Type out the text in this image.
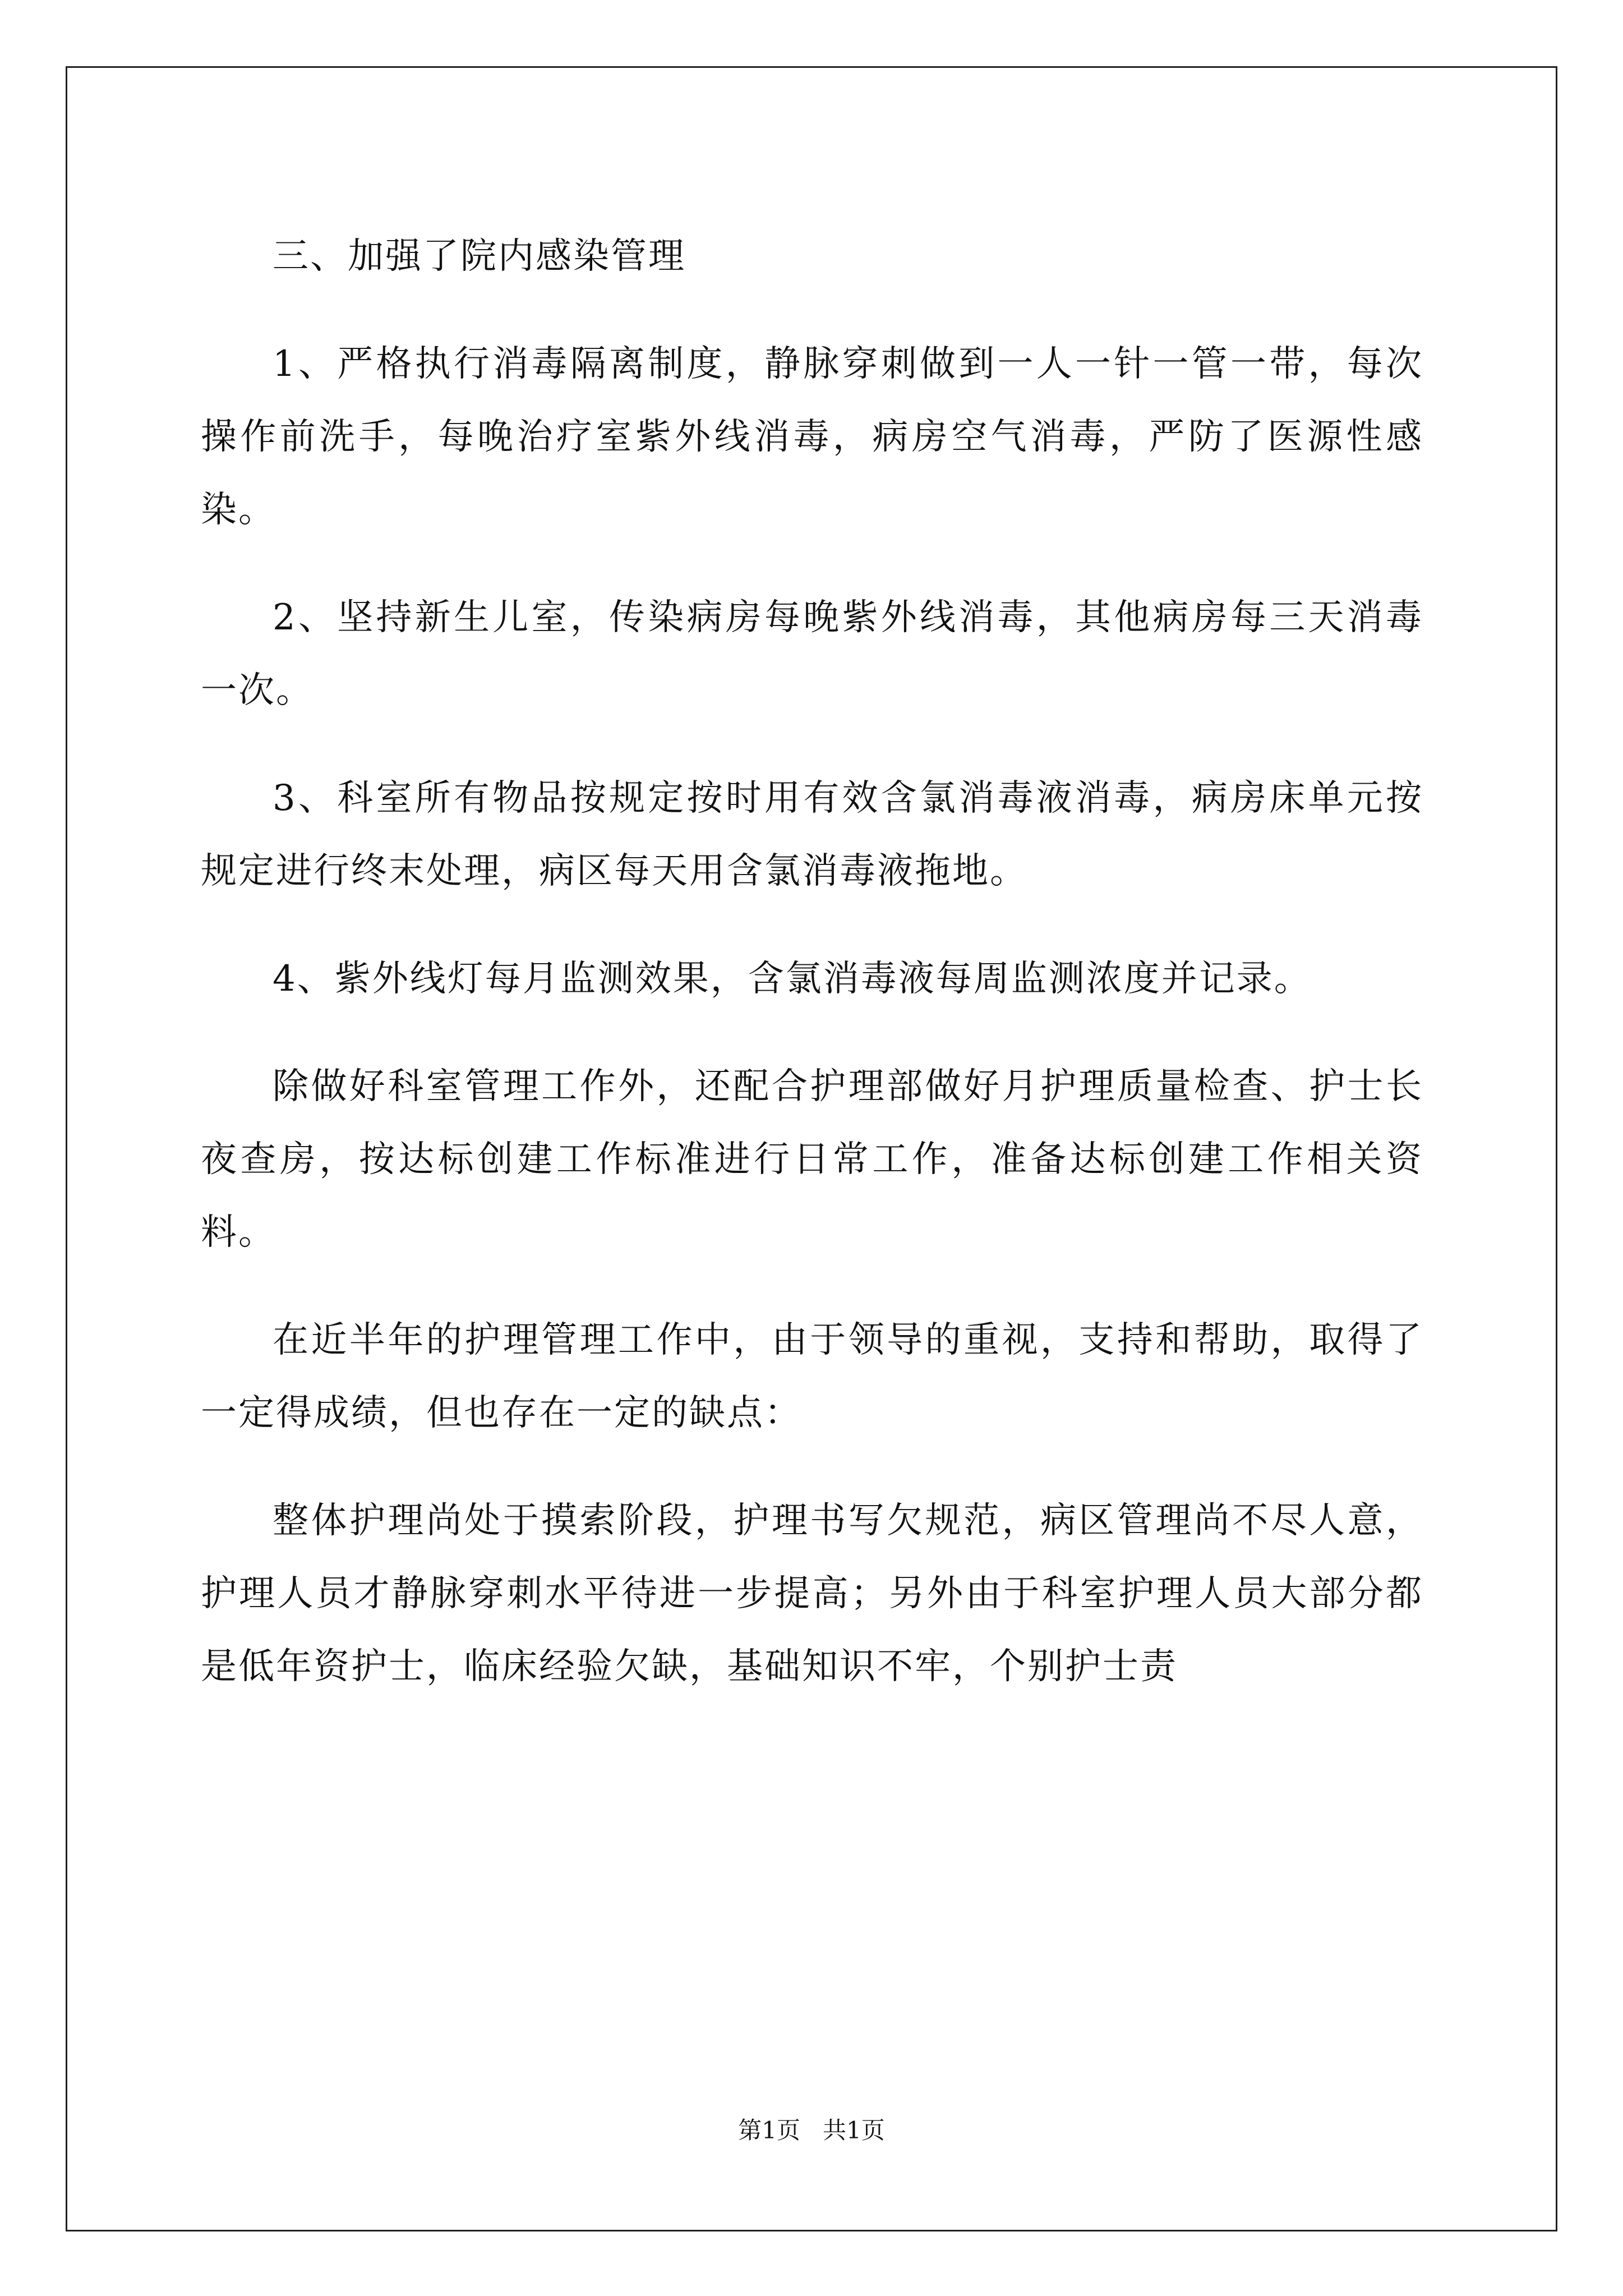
三、加强了院内感染管理

1、严格执行消毒隔离制度，静脉穿刺做到一人一针一管一带，每次操作前洗手，每晚治疗室紫外线消毒，病房空气消毒，严防了医源性感染。

2、坚持新生儿室，传染病房每晚紫外线消毒，其他病房每三天消毒一次。

3、科室所有物品按规定按时用有效含氯消毒液消毒，病房床单元按规定进行终末处理，病区每天用含氯消毒液拖地。

4、紫外线灯每月监测效果，含氯消毒液每周监测浓度并记录。

除做好科室管理工作外，还配合护理部做好月护理质量检查、护士长夜查房，按达标创建工作标准进行日常工作，准备达标创建工作相关资料。

在近半年的护理管理工作中，由于领导的重视，支持和帮助，取得了一定得成绩，但也存在一定的缺点：

整体护理尚处于摸索阶段，护理书写欠规范，病区管理尚不尽人意，护理人员才静脉穿刺水平待进一步提高；另外由于科室护理人员大部分都是低年资护士，临床经验欠缺，基础知识不牢，个别护士责

第1页   共1页
